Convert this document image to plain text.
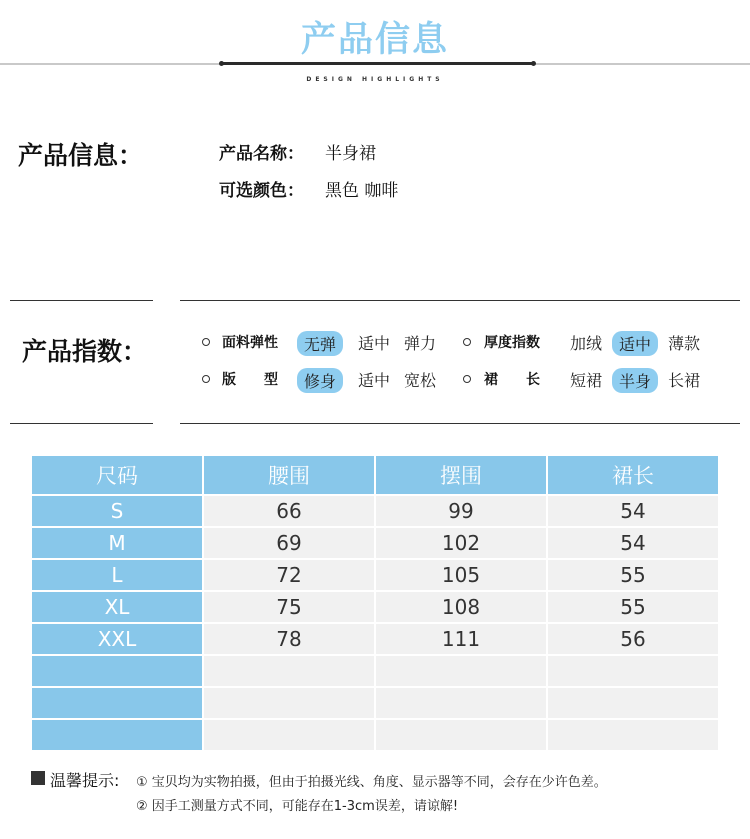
产品信息
DESIGN HIGHLIGHTS
产品信息：	产品名称： 半身裙
可选颜色： 黑色 咖啡
产品指数：	面料弹性	无弹	适中 弹力	厚度指数 加绒	适中	薄款
版　　型	修身	适中 宽松	裙　　长 短裙	半身	长裙
尺码	腰围	摆围	裙长
S	66	99	54
M	69	102	54
L	72	105	55
XL	75	108	55
XXL	78	111	56

温馨提示: ① 宝贝均为实物拍摄，但由于拍摄光线、角度、显示器等不同，会存在少许色差。
② 因手工测量方式不同，可能存在1-3cm误差，请谅解!
